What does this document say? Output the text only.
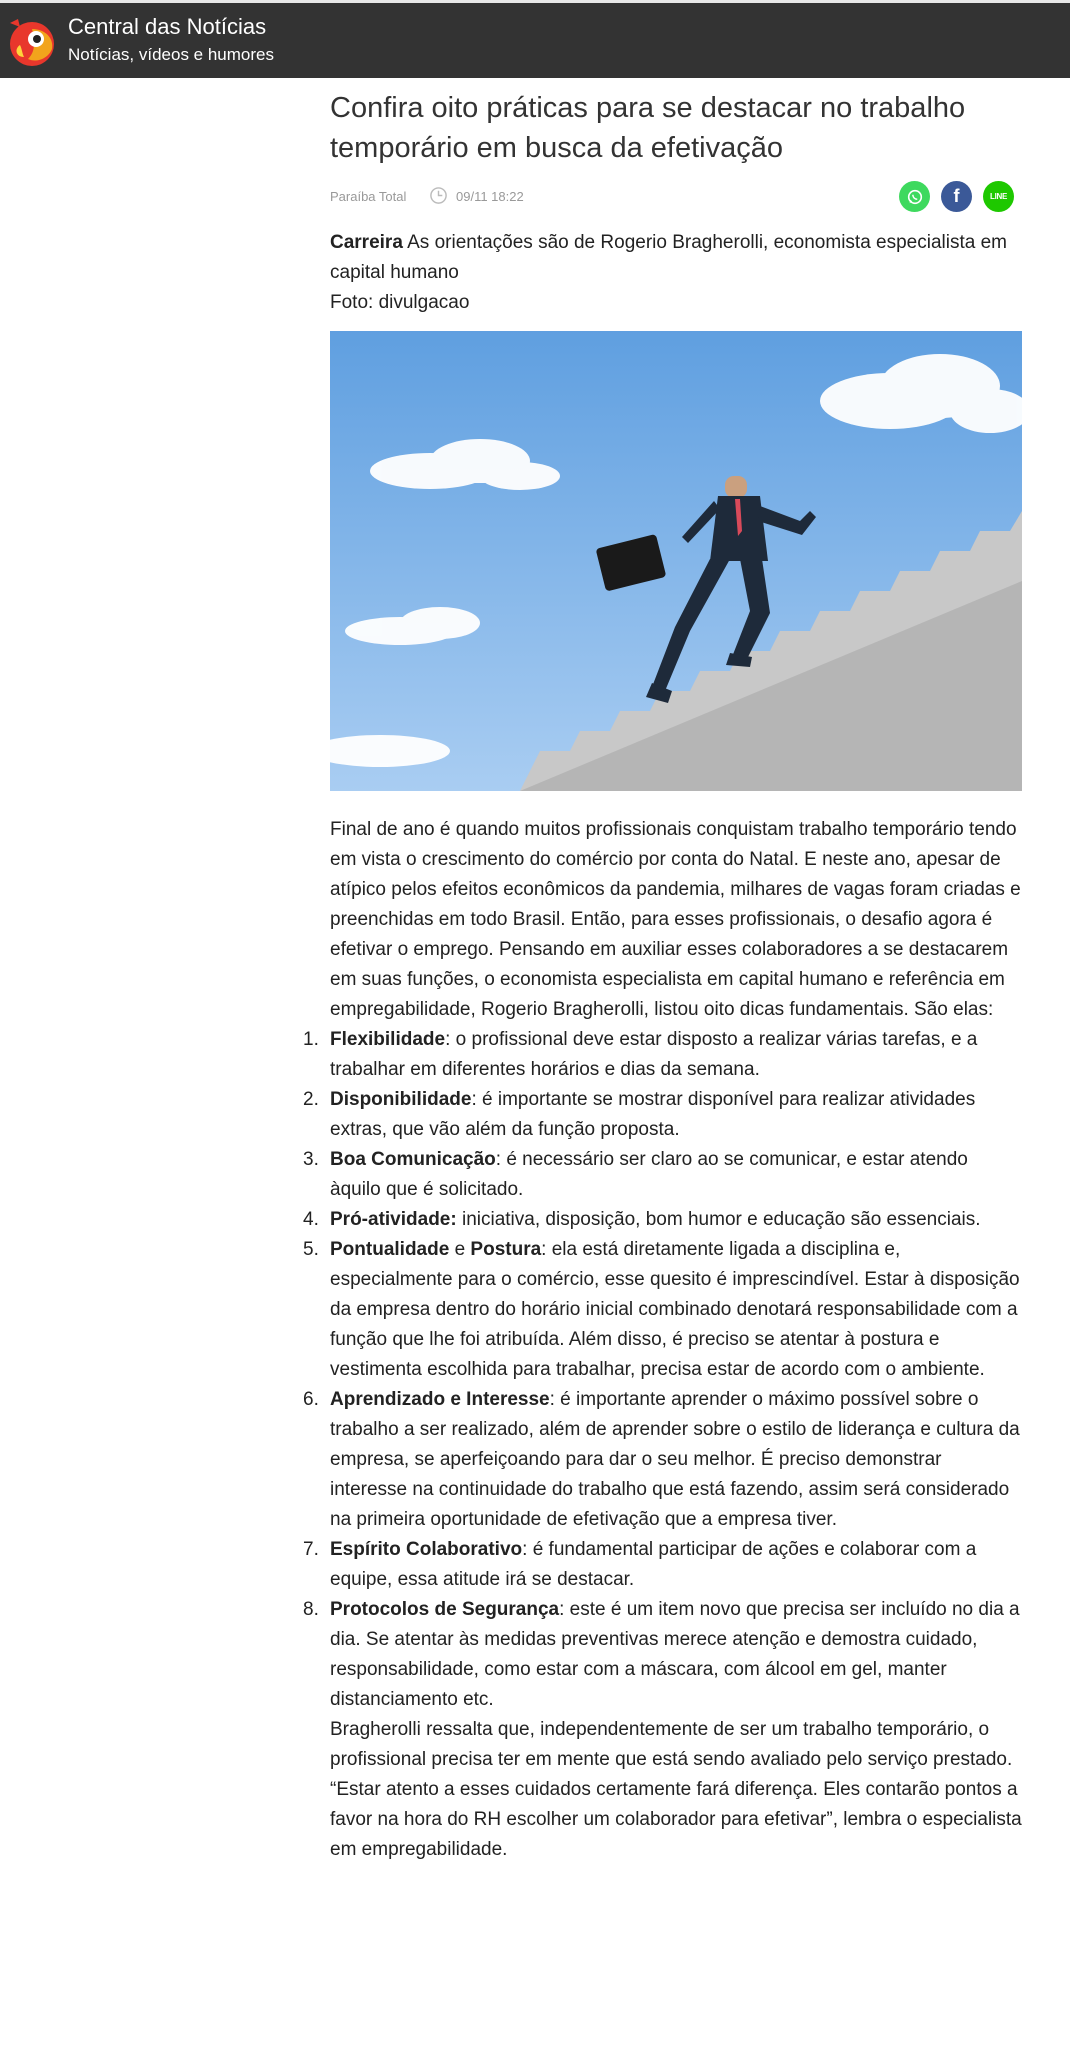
Central das Notícias
Notícias, vídeos e humores
Confira oito práticas para se destacar no trabalho temporário em busca da efetivação
Paraíba Total	09/11 18:22	f	LINE
Carreira As orientações são de Rogerio Bragherolli, economista especialista em capital humano
Foto: divulgacao

Final de ano é quando muitos profissionais conquistam trabalho temporário tendo em vista o crescimento do comércio por conta do Natal. E neste ano, apesar de atípico pelos efeitos econômicos da pandemia, milhares de vagas foram criadas e preenchidas em todo Brasil. Então, para esses profissionais, o desafio agora é efetivar o emprego. Pensando em auxiliar esses colaboradores a se destacarem em suas funções, o economista especialista em capital humano e referência em empregabilidade, Rogerio Bragherolli, listou oito dicas fundamentais. São elas:

1. Flexibilidade: o profissional deve estar disposto a realizar várias tarefas, e a trabalhar em diferentes horários e dias da semana.
2. Disponibilidade: é importante se mostrar disponível para realizar atividades extras, que vão além da função proposta.
3. Boa Comunicação: é necessário ser claro ao se comunicar, e estar atendo àquilo que é solicitado.
4. Pró-atividade: iniciativa, disposição, bom humor e educação são essenciais.
5. Pontualidade e Postura: ela está diretamente ligada a disciplina e, especialmente para o comércio, esse quesito é imprescindível. Estar à disposição da empresa dentro do horário inicial combinado denotará responsabilidade com a função que lhe foi atribuída. Além disso, é preciso se atentar à postura e vestimenta escolhida para trabalhar, precisa estar de acordo com o ambiente.
6. Aprendizado e Interesse: é importante aprender o máximo possível sobre o trabalho a ser realizado, além de aprender sobre o estilo de liderança e cultura da empresa, se aperfeiçoando para dar o seu melhor. É preciso demonstrar interesse na continuidade do trabalho que está fazendo, assim será considerado na primeira oportunidade de efetivação que a empresa tiver.
7. Espírito Colaborativo: é fundamental participar de ações e colaborar com a equipe, essa atitude irá se destacar.
8. Protocolos de Segurança: este é um item novo que precisa ser incluído no dia a dia. Se atentar às medidas preventivas merece atenção e demostra cuidado, responsabilidade, como estar com a máscara, com álcool em gel, manter distanciamento etc.

Bragherolli ressalta que, independentemente de ser um trabalho temporário, o profissional precisa ter em mente que está sendo avaliado pelo serviço prestado. “Estar atento a esses cuidados certamente fará diferença. Eles contarão pontos a favor na hora do RH escolher um colaborador para efetivar”, lembra o especialista em empregabilidade.
